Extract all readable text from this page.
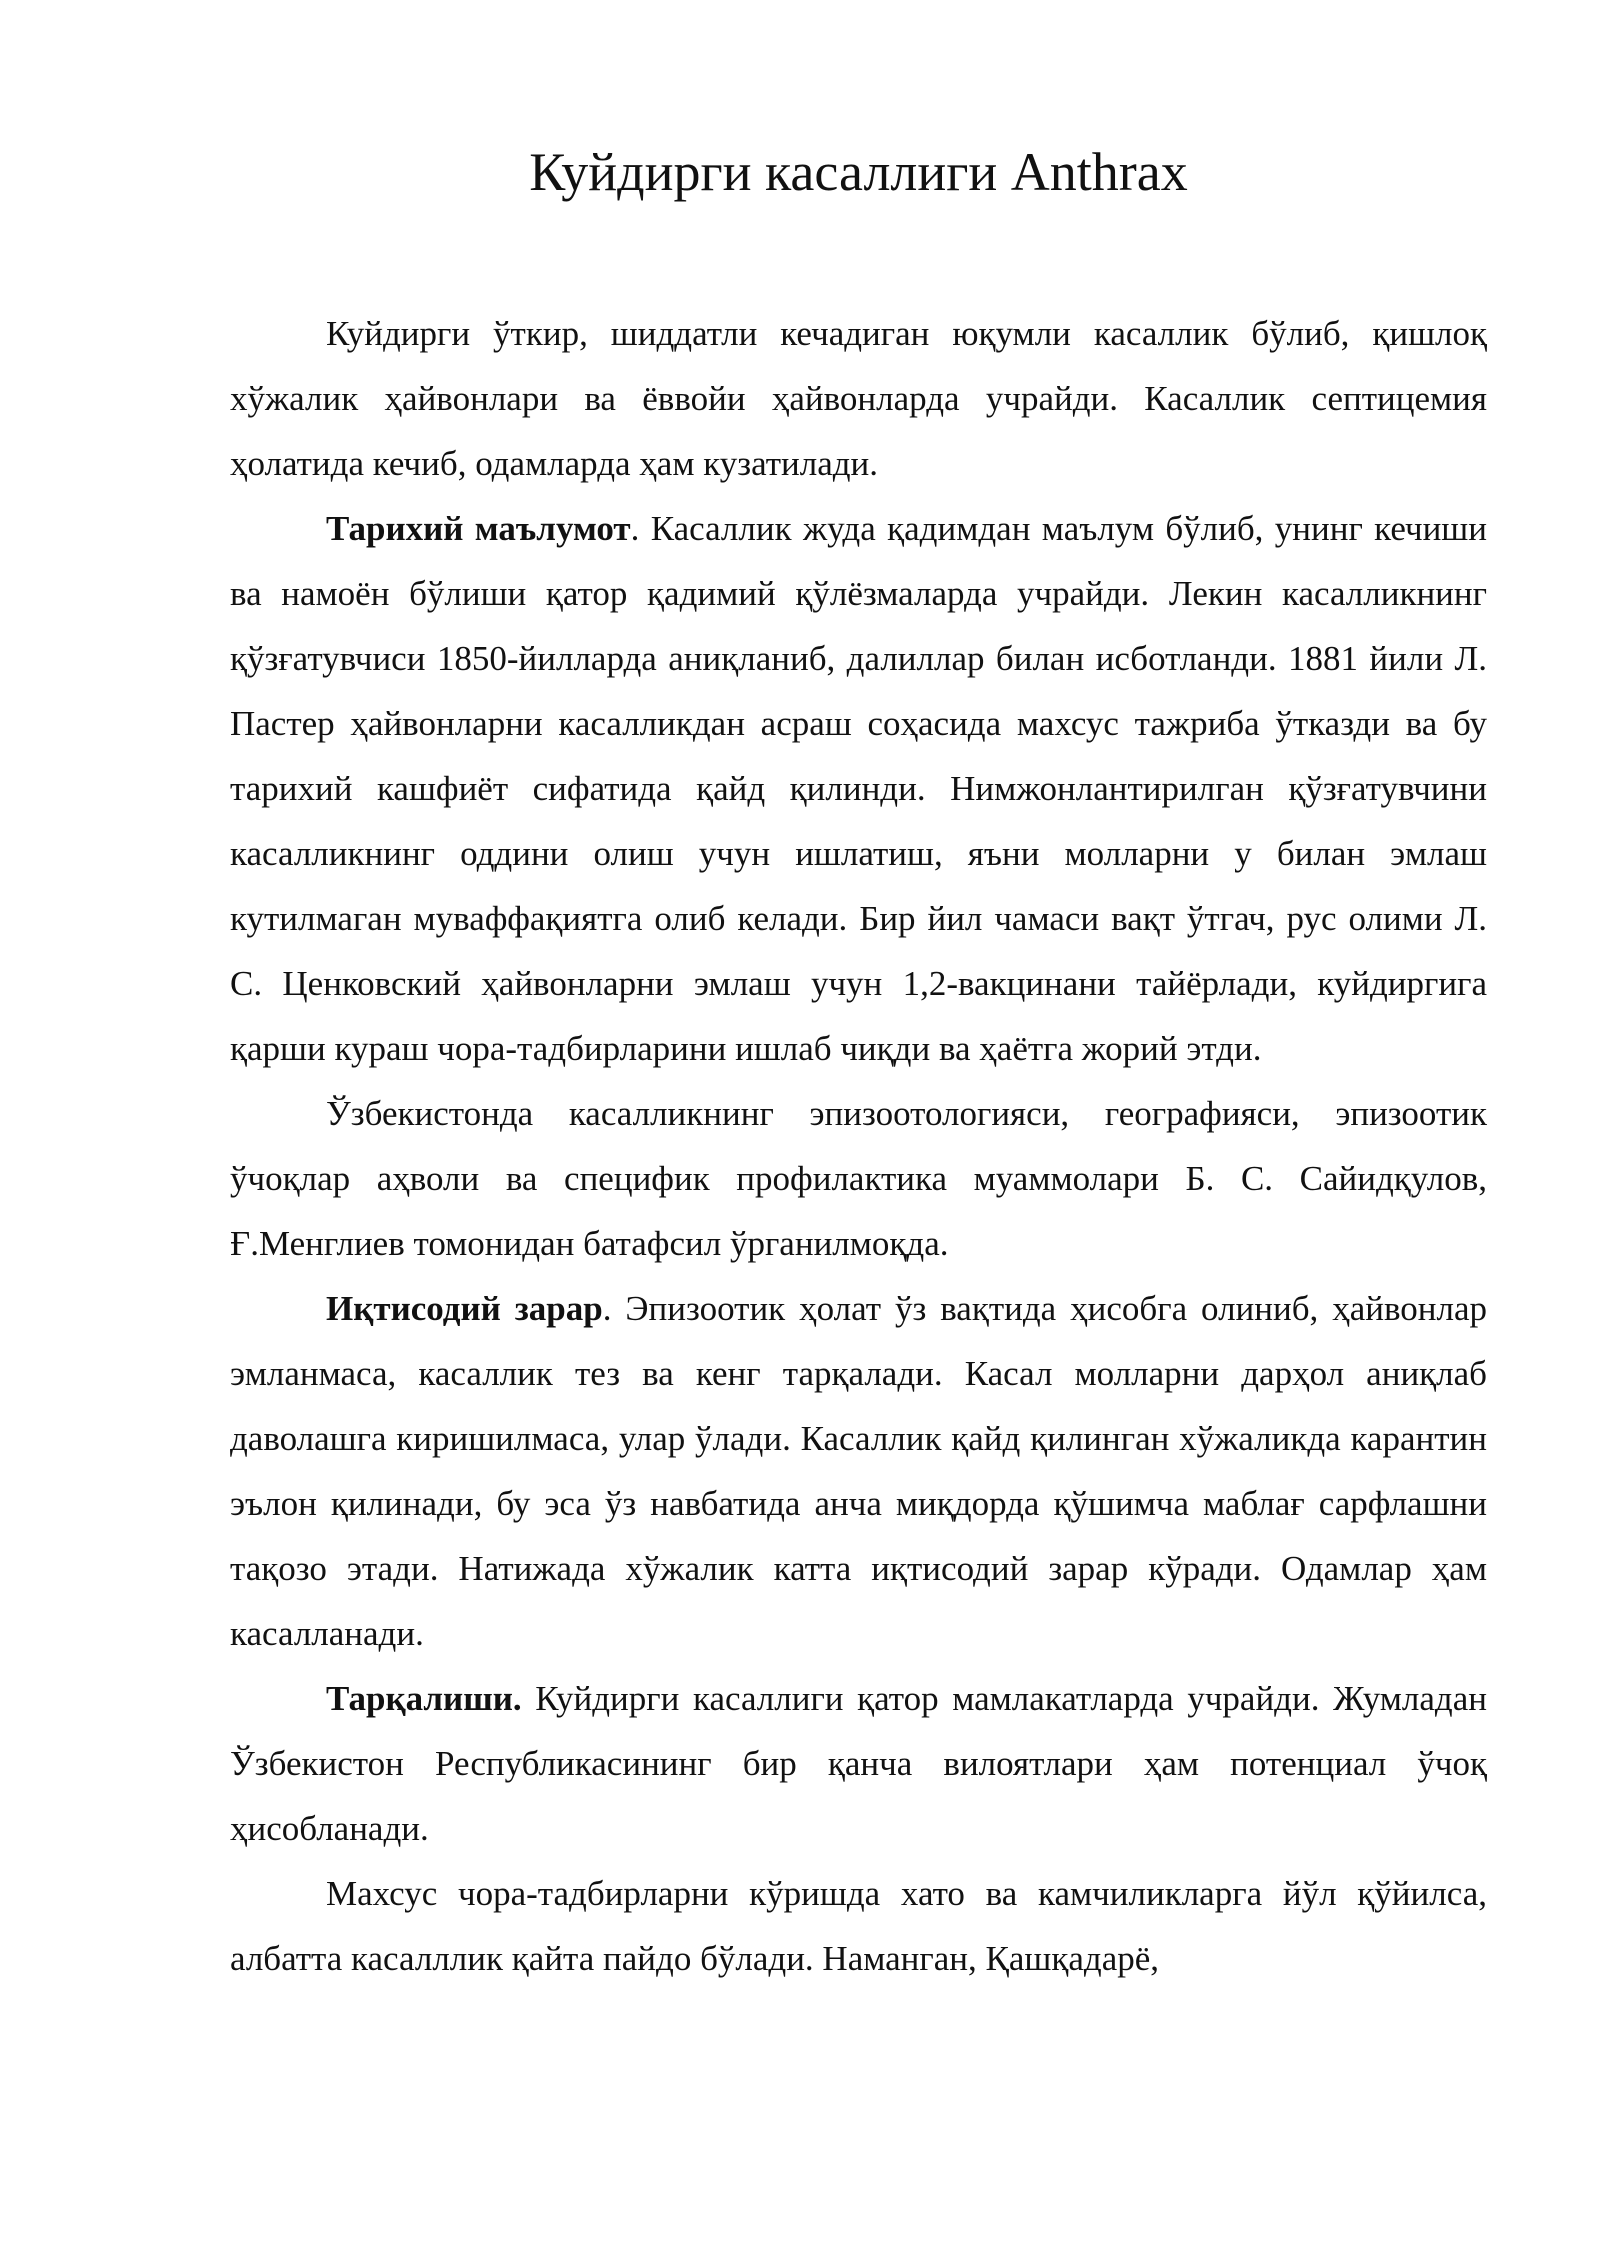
Куйдирги касаллиги Anthrax

Куйдирги ўткир, шиддатли кечадиган юқумли касаллик бўлиб, қишлоқ хўжалик ҳайвонлари ва ёввойи ҳайвонларда учрайди. Касаллик септицемия ҳолатида кечиб, одамларда ҳам кузатилади.

Тарихий маълумот. Касаллик жуда қадимдан маълум бўлиб, унинг кечиши ва намоён бўлиши қатор қадимий қўлёзмаларда учрайди. Лекин касалликнинг қўзғатувчиси 1850-йилларда аниқланиб, далиллар билан исботланди. 1881 йили Л. Пастер ҳайвонларни касалликдан асраш соҳасида махсус тажриба ўтказди ва бу тарихий кашфиёт сифатида қайд қилинди. Нимжонлантирилган қўзғатувчини касалликнинг оддини олиш учун ишлатиш, яъни молларни у билан эмлаш кутилмаган муваффақиятга олиб келади. Бир йил чамаси вақт ўтгач, рус олими Л. С. Ценковский ҳайвонларни эмлаш учун 1,2-вакцинани тайёрлади, куйдиргига қарши кураш чора-тадбирларини ишлаб чиқди ва ҳаётга жорий этди.

Ўзбекистонда касалликнинг эпизоотологияси, географияси, эпизоотик ўчоқлар аҳволи ва специфик профилактика муаммолари Б. С. Сайидқулов, Ғ.Менглиев томонидан батафсил ўрганилмоқда.

Иқтисодий зарар. Эпизоотик ҳолат ўз вақтида ҳисобга олиниб, ҳайвонлар эмланмаса, касаллик тез ва кенг тарқалади. Касал молларни дарҳол аниқлаб даволашга киришилмаса, улар ўлади. Касаллик қайд қилинган хўжаликда карантин эълон қилинади, бу эса ўз навбатида анча миқдорда қўшимча маблағ сарфлашни тақозо этади. Натижада хўжалик катта иқтисодий зарар кўради. Одамлар ҳам касалланади.

Тарқалиши. Куйдирги касаллиги қатор мамлакатларда учрайди. Жумладан Ўзбекистон Республикасининг бир қанча вилоятлари ҳам потенциал ўчоқ ҳисобланади.

Махсус чора-тадбирларни кўришда хато ва камчиликларга йўл қўйилса, албатта касалллик қайта пайдо бўлади. Наманган, Қашқадарё,
